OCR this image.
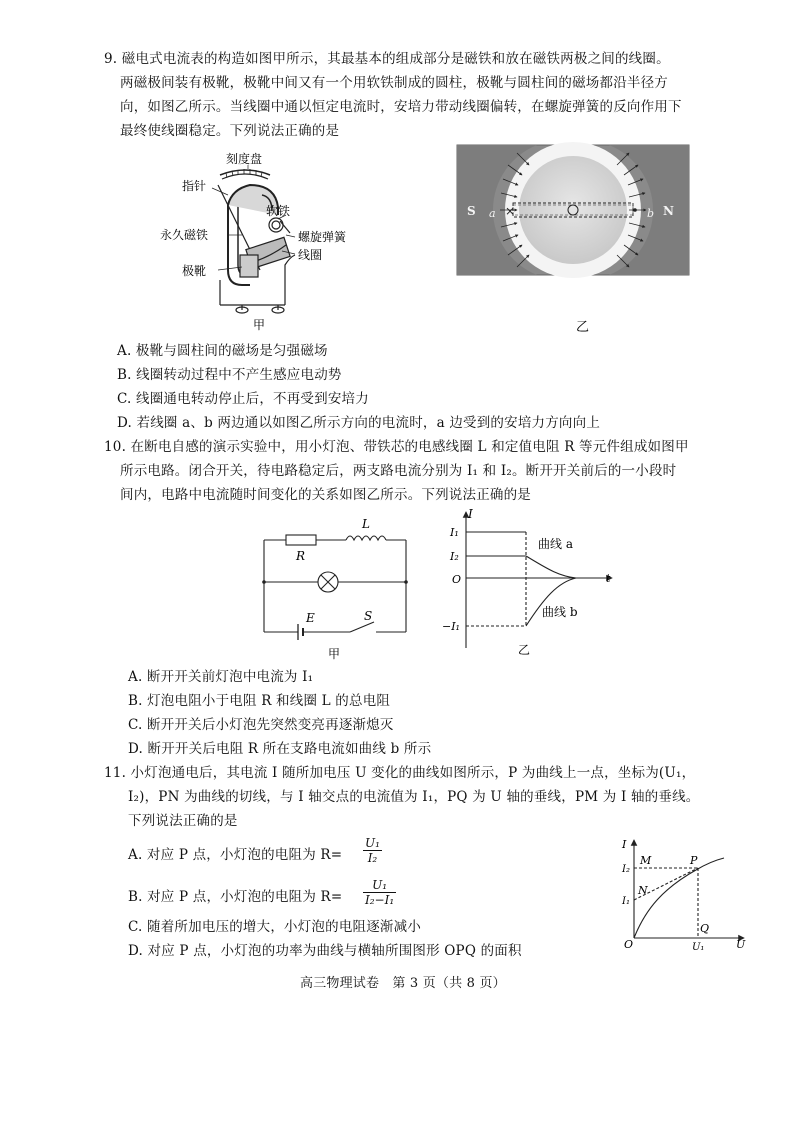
9. 磁电式电流表的构造如图甲所示，其最基本的组成部分是磁铁和放在磁铁两极之间的线圈。
两磁极间装有极靴，极靴中间又有一个用软铁制成的圆柱，极靴与圆柱间的磁场都沿半径方
向，如图乙所示。当线圈中通以恒定电流时，安培力带动线圈偏转，在螺旋弹簧的反向作用下
最终使线圈稳定。下列说法正确的是
刻度盘
指针
软铁
永久磁铁	螺旋弹簧
线圈
极靴
甲
×
S a	b N
乙
A. 极靴与圆柱间的磁场是匀强磁场
B. 线圈转动过程中不产生感应电动势
C. 线圈通电转动停止后，不再受到安培力
D. 若线圈 a、b 两边通以如图乙所示方向的电流时，a 边受到的安培力方向向上
10. 在断电自感的演示实验中，用小灯泡、带铁芯的电感线圈 L 和定值电阻 R 等元件组成如图甲
所示电路。闭合开关，待电路稳定后，两支路电流分别为 I₁ 和 I₂。断开开关前后的一小段时
间内，电路中电流随时间变化的关系如图乙所示。下列说法正确的是
R
L
E	S
甲
I
I₁
I₂
O
−I₁
t
曲线 a
曲线 b
乙
A. 断开开关前灯泡中电流为 I₁
B. 灯泡电阻小于电阻 R 和线圈 L 的总电阻
C. 断开开关后小灯泡先突然变亮再逐渐熄灭
D. 断开开关后电阻 R 所在支路电流如曲线 b 所示
11. 小灯泡通电后，其电流 I 随所加电压 U 变化的曲线如图所示，P 为曲线上一点，坐标为(U₁，
I₂)，PN 为曲线的切线，与 I 轴交点的电流值为 I₁，PQ 为 U 轴的垂线，PM 为 I 轴的垂线。
下列说法正确的是
A. 对应 P 点，小灯泡的电阻为 $R= \frac{\text{U₁}}{\text{I₂}}$
B. 对应 P 点，小灯泡的电阻为 $R= \frac{\text{U₁}}{\text{I₂−I₁}}$
C. 随着所加电压的增大，小灯泡的电阻逐渐减小
D. 对应 P 点，小灯泡的功率为曲线与横轴所围图形 OPQ 的面积
I
I₂
I₁
O
M	P
N
Q
U₁	U
高三物理试卷　第 3 页（共 8 页）
